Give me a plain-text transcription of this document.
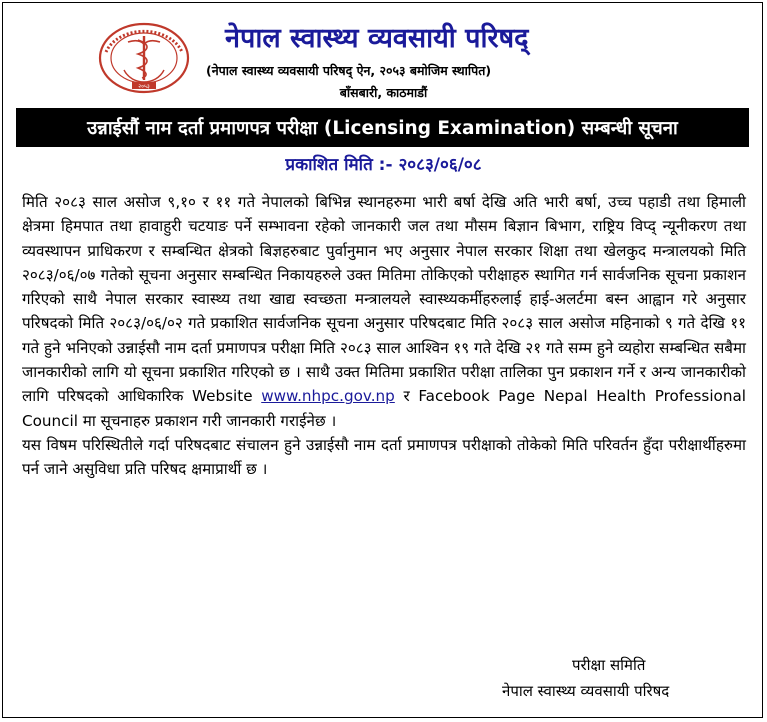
२०५३
नेपाल स्वास्थ्य व्यवसायी परिषद्
(नेपाल स्वास्थ्य व्यवसायी परिषद् ऐन, २०५३ बमोजिम स्थापित)
बाँसबारी, काठमाडौं
उन्नाईसौं नाम दर्ता प्रमाणपत्र परीक्षा (Licensing Examination) सम्बन्धी सूचना
प्रकाशित मिति :- २०८३/०६/०८

मिति २०८३ साल असोज ९,१० र ११ गते नेपालको बिभिन्न स्थानहरुमा भारी बर्षा देखि अति भारी बर्षा, उच्च पहाडी तथा हिमाली क्षेत्रमा हिमपात तथा हावाहुरी चटयाङ पर्ने सम्भावना रहेको जानकारी जल तथा मौसम बिज्ञान बिभाग, राष्ट्रिय विप्द् न्यूनीकरण तथा व्यवस्थापन प्राधिकरण र सम्बन्धित क्षेत्रको बिज्ञहरुबाट पुर्वानुमान भए अनुसार नेपाल सरकार शिक्षा तथा खेलकुद मन्त्रालयको मिति २०८३/०६/०७ गतेको सूचना अनुसार सम्बन्धित निकायहरुले उक्त मितिमा तोकिएको परीक्षाहरु स्थागित गर्न सार्वजनिक सूचना प्रकाशन गरिएको साथै नेपाल सरकार स्वास्थ्य तथा खाद्य स्वच्छता मन्त्रालयले स्वास्थ्यकर्मीहरुलाई हाई-अलर्टमा बस्न आह्वान गरे अनुसार परिषदको मिति २०८३/०६/०२ गते प्रकाशित सार्वजनिक सूचना अनुसार परिषदबाट मिति २०८३ साल असोज महिनाको ९ गते देखि ११ गते हुने भनिएको उन्नाईसौ नाम दर्ता प्रमाणपत्र परीक्षा मिति २०८३ साल आश्विन १९ गते देखि २१ गते सम्म हुने व्यहोरा सम्बन्धित सबैमा जानकारीको लागि यो सूचना प्रकाशित गरिएको छ । साथै उक्त मितिमा प्रकाशित परीक्षा तालिका पुन प्रकाशन गर्ने र अन्य जानकारीको लागि परिषदको आधिकारिक Website www.nhpc.gov.np र Facebook Page Nepal Health Professional Council मा सूचनाहरु प्रकाशन गरी जानकारी गराईनेछ ।

यस विषम परिस्थितीले गर्दा परिषदबाट संचालन हुने उन्नाईसौ नाम दर्ता प्रमाणपत्र परीक्षाको तोकेको मिति परिवर्तन हुँदा परीक्षार्थीहरुमा पर्न जाने असुविधा प्रति परिषद क्षमाप्रार्थी छ ।

परीक्षा समिति
नेपाल स्वास्थ्य व्यवसायी परिषद
